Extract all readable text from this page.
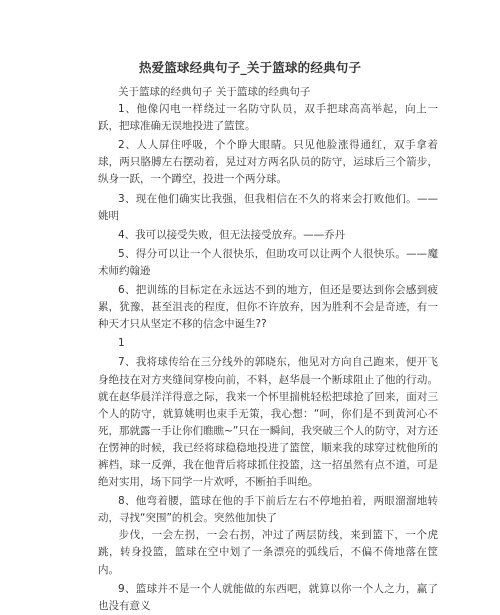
热爱篮球经典句子_关于篮球的经典句子

关于篮球的经典句子 关于篮球的经典句子

1、他像闪电一样绕过一名防守队员，双手把球高高举起，向上一跃，把球准确无误地投进了篮筐。

2、人人屏住呼吸，个个睁大眼睛。只见他脸涨得通红，双手拿着球，两只胳膊左右摆动着，晃过对方两名队员的防守，运球后三个箭步，纵身一跃，一个蹲空，投进一个两分球。

3、现在他们确实比我强，但我相信在不久的将来会打败他们。——姚明

4、我可以接受失败，但无法接受放弃。——乔丹

5、得分可以让一个人很快乐，但助攻可以让两个人很快乐。——魔术师约翰逊

6、把训练的目标定在永远达不到的地方，但还是要达到你会感到疲累，犹豫，甚至沮丧的程度，但你不许放弃，因为胜利不会是奇迹，有一种天才只从坚定不移的信念中诞生??

1

7、我将球传给在三分线外的郭晓东，他见对方向自己跑来，便开飞身绝技在对方夹缝间穿梭向前，不料，赵华晨一个断球阻止了他的行动。就在赵华晨洋洋得意之际，我来一个怀里揣桃轻松把球抢了回来，面对三个人的防守，就算姚明也束手无策，我心想：“呵，你们是不到黄河心不死，那就露一手让你们瞧瞧~”只在一瞬间，我突破三个人的防守，对方还在愣神的时候，我已经将球稳稳地投进了篮筐，顺来我的球穿过枕他所的裤档，球一反弹，我在他背后将球抓住投篮，这一招虽然有点不道，可是绝对实用，场下同学一片欢呼，不断拍手叫绝。

8、他弯着腰，篮球在他的手下前后左右不停地拍着，两眼溜溜地转动，寻找“突围”的机会。突然他加快了

步伐，一会左拐，一会右拐，冲过了两层防线，来到篮下，一个虎跳，转身投篮，篮球在空中划了一条漂亮的弧线后，不偏不倚地落在筐内。

9、篮球并不是一个人就能做的东西吧，就算以你一个人之力，赢了也没有意义
